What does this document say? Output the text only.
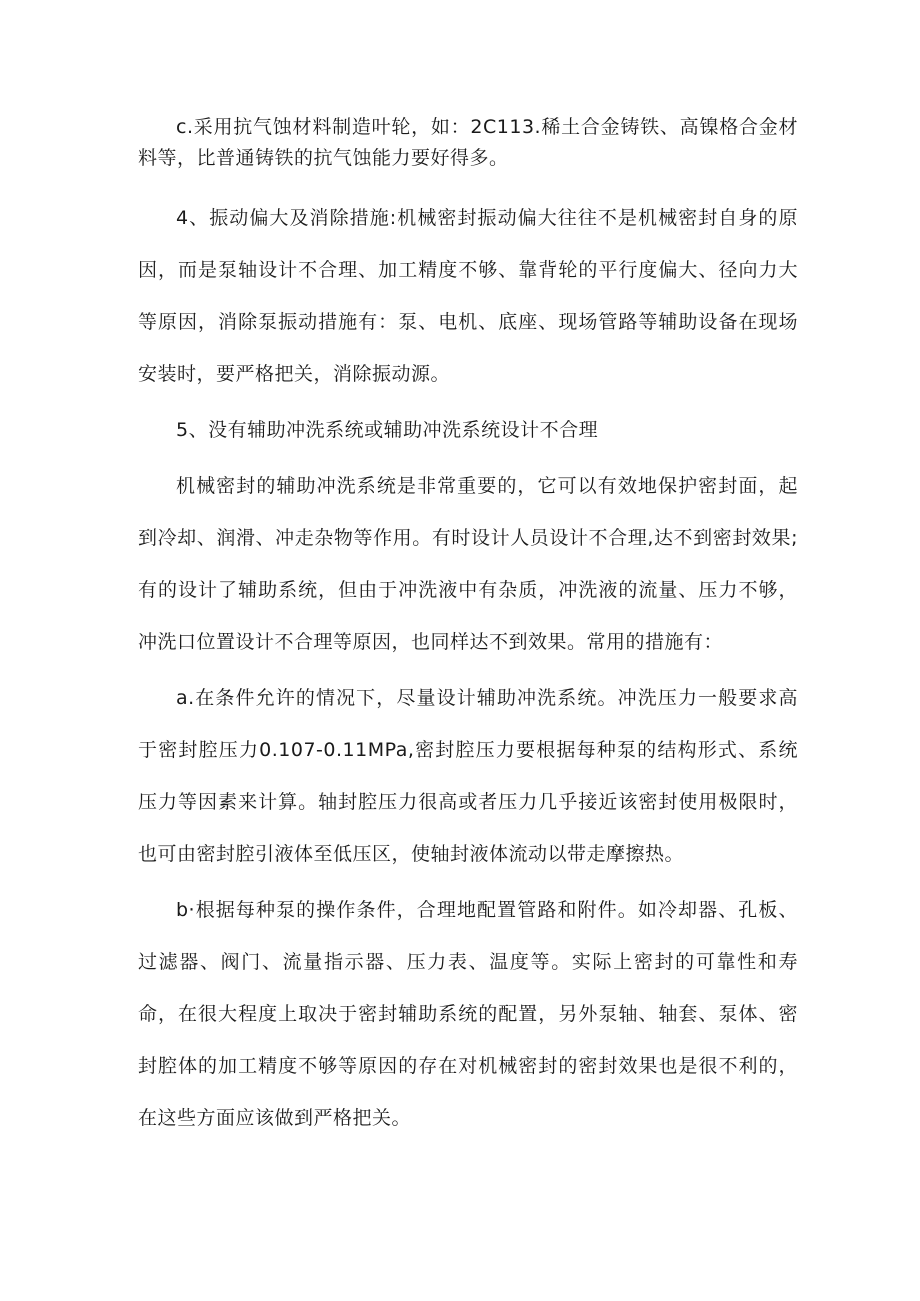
c.采用抗气蚀材料制造叶轮，如：2C113.稀土合金铸铁、高镍格合金材料等，比普通铸铁的抗气蚀能力要好得多。

4、振动偏大及消除措施:机械密封振动偏大往往不是机械密封自身的原因，而是泵轴设计不合理、加工精度不够、靠背轮的平行度偏大、径向力大等原因，消除泵振动措施有：泵、电机、底座、现场管路等辅助设备在现场安装时，要严格把关，消除振动源。

5、没有辅助冲洗系统或辅助冲洗系统设计不合理

机械密封的辅助冲洗系统是非常重要的，它可以有效地保护密封面，起到冷却、润滑、冲走杂物等作用。有时设计人员设计不合理,达不到密封效果;有的设计了辅助系统，但由于冲洗液中有杂质，冲洗液的流量、压力不够，冲洗口位置设计不合理等原因，也同样达不到效果。常用的措施有：

a.在条件允许的情况下，尽量设计辅助冲洗系统。冲洗压力一般要求高于密封腔压力0.107-0.11MPa,密封腔压力要根据每种泵的结构形式、系统压力等因素来计算。轴封腔压力很高或者压力几乎接近该密封使用极限时，也可由密封腔引液体至低压区，使轴封液体流动以带走摩擦热。

b·根据每种泵的操作条件，合理地配置管路和附件。如冷却器、孔板、过滤器、阀门、流量指示器、压力表、温度等。实际上密封的可靠性和寿命，在很大程度上取决于密封辅助系统的配置，另外泵轴、轴套、泵体、密封腔体的加工精度不够等原因的存在对机械密封的密封效果也是很不利的，在这些方面应该做到严格把关。
